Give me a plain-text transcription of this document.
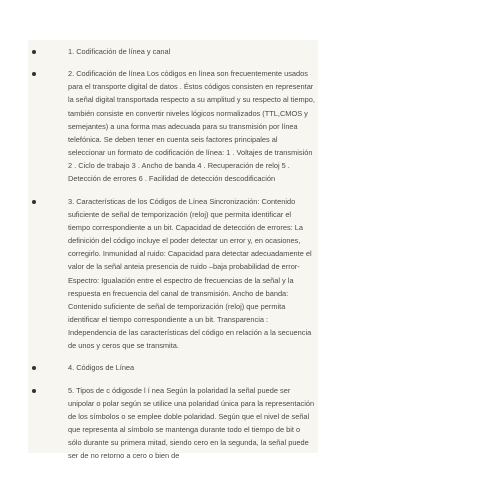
1. Codificación de línea y canal
2. Codificación de línea Los códigos en línea son frecuentemente usados para el transporte digital de datos . Éstos códigos consisten en representar la señal digital transportada respecto a su amplitud y su respecto al tiempo, también consiste en convertir niveles lógicos normalizados (TTL,CMOS y semejantes) a una forma mas adecuada para su transmisión por línea telefónica. Se deben tener en cuenta seis factores principales al seleccionar un formato de codificación de línea: 1 . Voltajes de transmisión 2 . Ciclo de trabajo 3 . Ancho de banda 4 . Recuperación de reloj 5 . Detección de errores 6 . Facilidad de detección descodificación
3. Características de los Códigos de Línea Sincronización: Contenido suficiente de señal de temporización (reloj) que permita identificar el tiempo correspondiente a un bit. Capacidad de detección de errores: La definición del código incluye el poder detectar un error y, en ocasiones, corregirlo. Inmunidad al ruido: Capacidad para detectar adecuadamente el valor de la señal anteia presencia de ruido –baja probabilidad de error- Espectro: Igualación entre el espectro de frecuencias de la señal y la respuesta en frecuencia del canal de transmisión. Ancho de banda: Contenido suficiente de señal de temporización (reloj) que permita identificar el tiempo correspondiente a un bit. Transparencia : Independencia de las características del código en relación a la secuencia de unos y ceros que se transmita.
4. Códigos de Línea
5. Tipos de c ódigosde l í nea Según la polaridad la señal puede ser unipolar o polar según se utilice una polaridad única para la representación de los símbolos o se emplee doble polaridad. Según que el nivel de señal que representa al símbolo se mantenga durante todo el tiempo de bit o sólo durante su primera mitad, siendo cero en la segunda, la señal puede ser de no retorno a cero o bien de
